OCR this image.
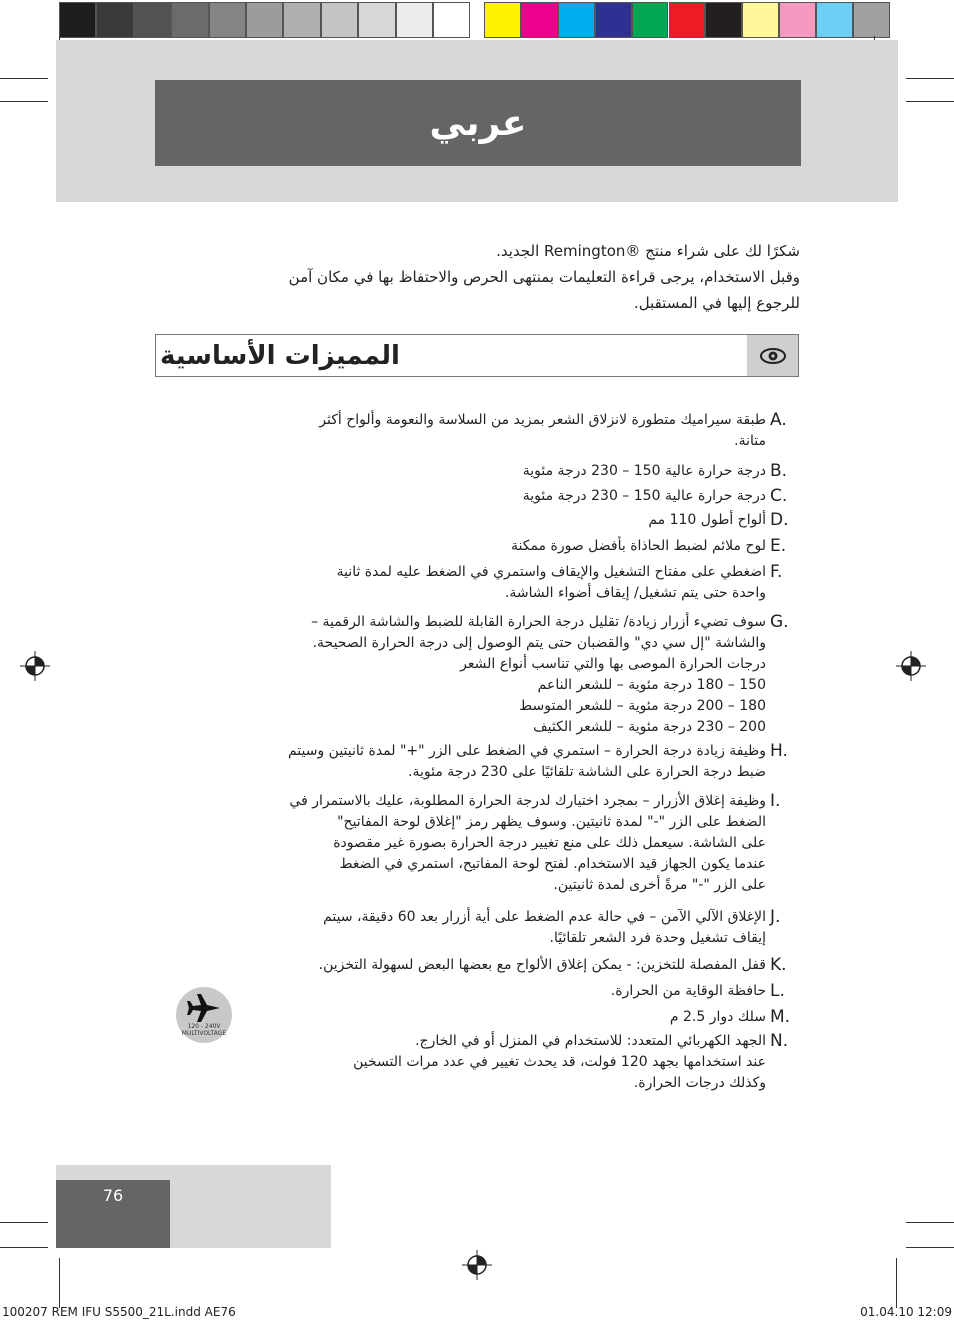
عربي
شكرًا لك على شراء منتج ®Remington الجديد.
وقبل الاستخدام، يرجى قراءة التعليمات بمنتهى الحرص والاحتفاظ بها في مكان آمن
للرجوع إليها في المستقبل.
المميزات الأساسية
A.
طبقة سيراميك متطورة لانزلاق الشعر بمزيد من السلاسة والنعومة وألواح أكثر
متانة.
B.
درجة حرارة عالية 150 – 230 درجة مئوية
C.
درجة حرارة عالية 150 – 230 درجة مئوية
D.
ألواح أطول 110 مم
E.
لوح ملائم لضبط الحاذاة بأفضل صورة ممكنة
F.
اضغطي على مفتاح التشغيل والإيقاف واستمري في الضغط عليه لمدة ثانية
واحدة حتى يتم تشغيل/ إيقاف أضواء الشاشة.
G.
سوف تضيء أزرار زيادة/ تقليل درجة الحرارة القابلة للضبط والشاشة الرقمية –
والشاشة "إل سي دي" والقضبان حتى يتم الوصول إلى درجة الحرارة الصحيحة.
درجات الحرارة الموصى بها والتي تناسب أنواع الشعر
150 – 180 درجة مئوية – للشعر الناعم
180 – 200 درجة مئوية – للشعر المتوسط
200 – 230 درجة مئوية – للشعر الكثيف
H.
وظيفة زيادة درجة الحرارة – استمري في الضغط على الزر "+" لمدة ثانيتين وسيتم
ضبط درجة الحرارة على الشاشة تلقائيًا على 230 درجة مئوية.
I.
وظيفة إغلاق الأزرار – بمجرد اختيارك لدرجة الحرارة المطلوبة، عليك بالاستمرار في
الضغط على الزر "-" لمدة ثانيتين. وسوف يظهر رمز "إغلاق لوحة المفاتيح"
على الشاشة. سيعمل ذلك على منع تغيير درجة الحرارة بصورة غير مقصودة
عندما يكون الجهاز قيد الاستخدام. لفتح لوحة المفاتيح، استمري في الضغط
على الزر "-" مرةً أخرى لمدة ثانيتين.
J.
الإغلاق الآلي الآمن – في حالة عدم الضغط على أية أزرار بعد 60 دقيقة، سيتم
إيقاف تشغيل وحدة فرد الشعر تلقائيًا.
K.
قفل المفصلة للتخزين: - يمكن إغلاق الألواح مع بعضها البعض لسهولة التخزين.
L.
حافظة الوقاية من الحرارة.
M.
سلك دوار 2.5 م
N.
الجهد الكهربائي المتعدد: للاستخدام في المنزل أو في الخارج.
عند استخدامها بجهد 120 فولت، قد يحدث تغيير في عدد مرات التسخين
وكذلك درجات الحرارة.
120 - 240V
MULTIVOLTAGE
76
100207 REM IFU S5500_21L.indd AE76	01.04.10 12:09
